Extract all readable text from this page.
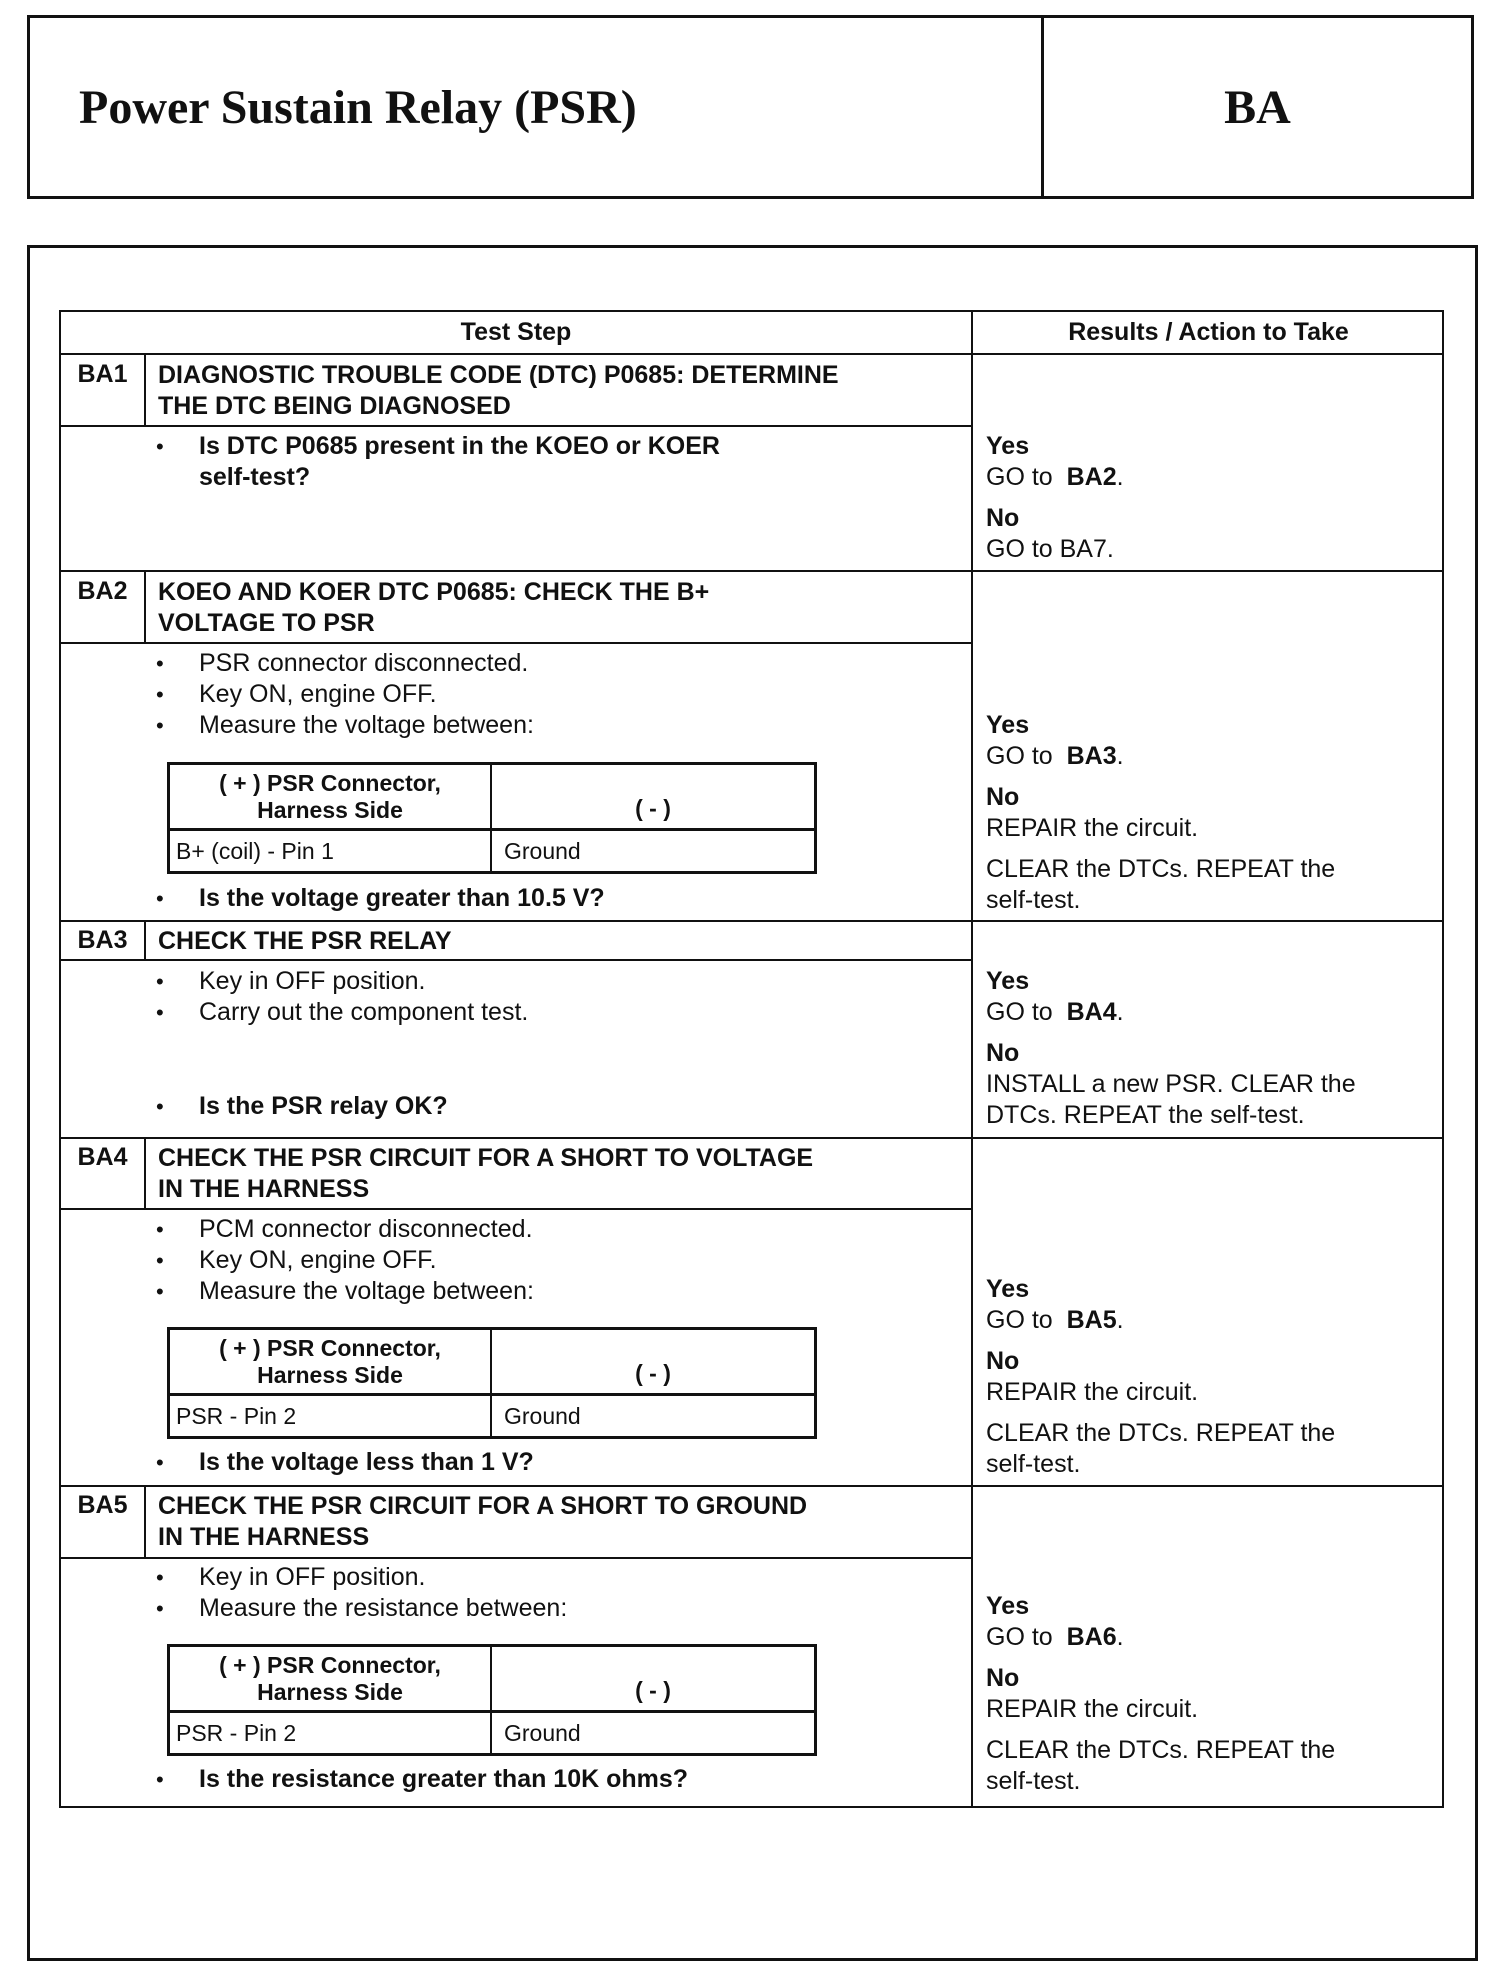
Power Sustain Relay (PSR)	BA
Test Step	Results / Action to Take
BA1	DIAGNOSTIC TROUBLE CODE (DTC) P0685: DETERMINE
THE DTC BEING DIAGNOSED
• Is DTC P0685 present in the KOEO or KOER
self-test?
Yes
GO to BA2.
No
GO to BA7.
BA2	KOEO AND KOER DTC P0685: CHECK THE B+
VOLTAGE TO PSR
• PSR connector disconnected.
• Key ON, engine OFF.
• Measure the voltage between:
( + ) PSR Connector,
Harness Side	( - )
B+ (coil) - Pin 1	Ground
• Is the voltage greater than 10.5 V?
Yes
GO to BA3.
No
REPAIR the circuit.
CLEAR the DTCs. REPEAT the
self-test.
BA3	CHECK THE PSR RELAY
• Key in OFF position.
• Carry out the component test.
• Is the PSR relay OK?
Yes
GO to BA4.
No
INSTALL a new PSR. CLEAR the
DTCs. REPEAT the self-test.
BA4	CHECK THE PSR CIRCUIT FOR A SHORT TO VOLTAGE
IN THE HARNESS
• PCM connector disconnected.
• Key ON, engine OFF.
• Measure the voltage between:
( + ) PSR Connector,
Harness Side	( - )
PSR - Pin 2	Ground
• Is the voltage less than 1 V?
Yes
GO to BA5.
No
REPAIR the circuit.
CLEAR the DTCs. REPEAT the
self-test.
BA5	CHECK THE PSR CIRCUIT FOR A SHORT TO GROUND
IN THE HARNESS
• Key in OFF position.
• Measure the resistance between:
( + ) PSR Connector,
Harness Side	( - )
PSR - Pin 2	Ground
• Is the resistance greater than 10K ohms?
Yes
GO to BA6.
No
REPAIR the circuit.
CLEAR the DTCs. REPEAT the
self-test.
